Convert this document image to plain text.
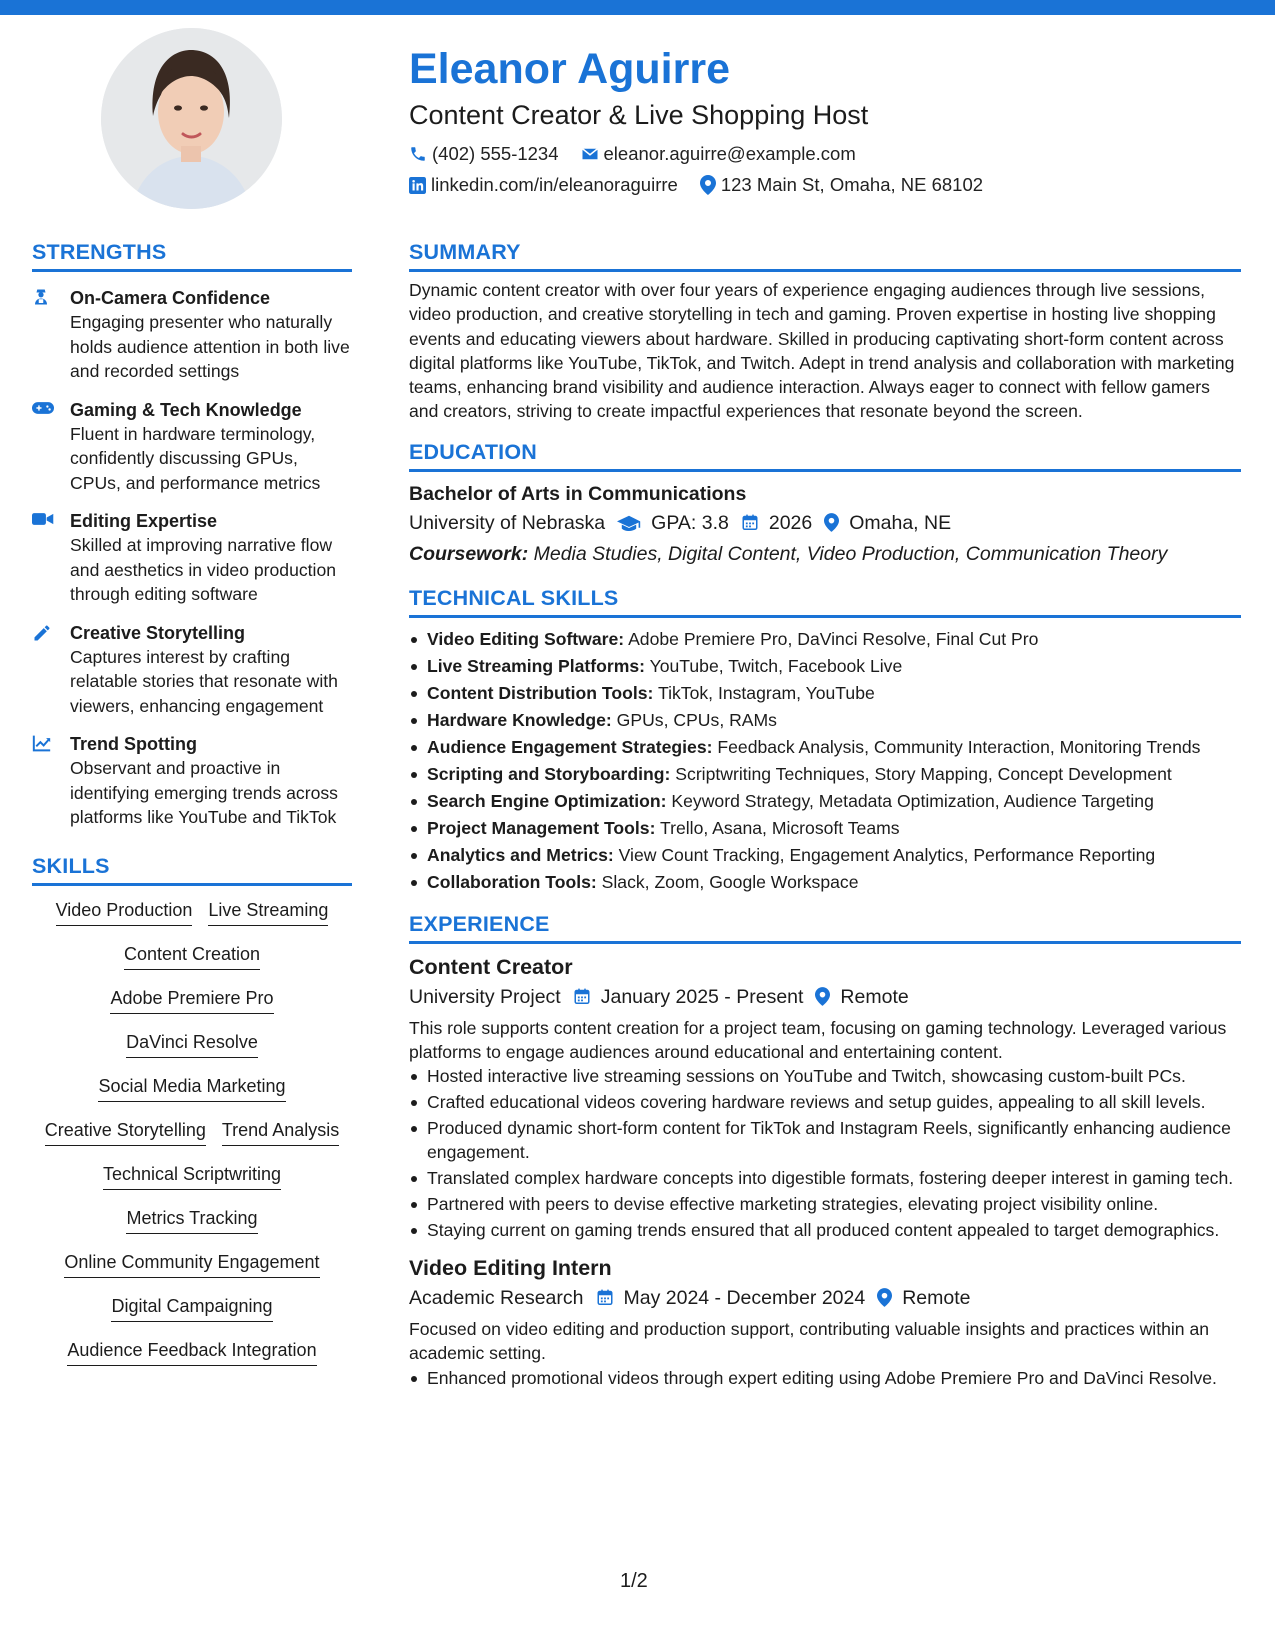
Eleanor Aguirre
Content Creator & Live Shopping Host
(402) 555-1234 eleanor.aguirre@example.com
linkedin.com/in/eleanoraguirre 123 Main St, Omaha, NE 68102
STRENGTHS
On-Camera Confidence
Engaging presenter who naturally holds audience attention in both live and recorded settings
Gaming & Tech Knowledge
Fluent in hardware terminology, confidently discussing GPUs, CPUs, and performance metrics
Editing Expertise
Skilled at improving narrative flow and aesthetics in video production through editing software
Creative Storytelling
Captures interest by crafting relatable stories that resonate with viewers, enhancing engagement
Trend Spotting
Observant and proactive in identifying emerging trends across platforms like YouTube and TikTok
SKILLS
Video Production Live Streaming
Content Creation
Adobe Premiere Pro
DaVinci Resolve
Social Media Marketing
Creative Storytelling Trend Analysis
Technical Scriptwriting
Metrics Tracking
Online Community Engagement
Digital Campaigning
Audience Feedback Integration
SUMMARY
Dynamic content creator with over four years of experience engaging audiences through live sessions, video production, and creative storytelling in tech and gaming. Proven expertise in hosting live shopping events and educating viewers about hardware. Skilled in producing captivating short-form content across digital platforms like YouTube, TikTok, and Twitch. Adept in trend analysis and collaboration with marketing teams, enhancing brand visibility and audience interaction. Always eager to connect with fellow gamers and creators, striving to create impactful experiences that resonate beyond the screen.
EDUCATION
Bachelor of Arts in Communications
University of Nebraska GPA: 3.8 2026 Omaha, NE
Coursework: Media Studies, Digital Content, Video Production, Communication Theory
TECHNICAL SKILLS
Video Editing Software: Adobe Premiere Pro, DaVinci Resolve, Final Cut Pro
Live Streaming Platforms: YouTube, Twitch, Facebook Live
Content Distribution Tools: TikTok, Instagram, YouTube
Hardware Knowledge: GPUs, CPUs, RAMs
Audience Engagement Strategies: Feedback Analysis, Community Interaction, Monitoring Trends
Scripting and Storyboarding: Scriptwriting Techniques, Story Mapping, Concept Development
Search Engine Optimization: Keyword Strategy, Metadata Optimization, Audience Targeting
Project Management Tools: Trello, Asana, Microsoft Teams
Analytics and Metrics: View Count Tracking, Engagement Analytics, Performance Reporting
Collaboration Tools: Slack, Zoom, Google Workspace
EXPERIENCE
Content Creator
University Project January 2025 - Present Remote
This role supports content creation for a project team, focusing on gaming technology. Leveraged various platforms to engage audiences around educational and entertaining content.
Hosted interactive live streaming sessions on YouTube and Twitch, showcasing custom-built PCs.
Crafted educational videos covering hardware reviews and setup guides, appealing to all skill levels.
Produced dynamic short-form content for TikTok and Instagram Reels, significantly enhancing audience engagement.
Translated complex hardware concepts into digestible formats, fostering deeper interest in gaming tech.
Partnered with peers to devise effective marketing strategies, elevating project visibility online.
Staying current on gaming trends ensured that all produced content appealed to target demographics.
Video Editing Intern
Academic Research May 2024 - December 2024 Remote
Focused on video editing and production support, contributing valuable insights and practices within an academic setting.
Enhanced promotional videos through expert editing using Adobe Premiere Pro and DaVinci Resolve.
1/2
